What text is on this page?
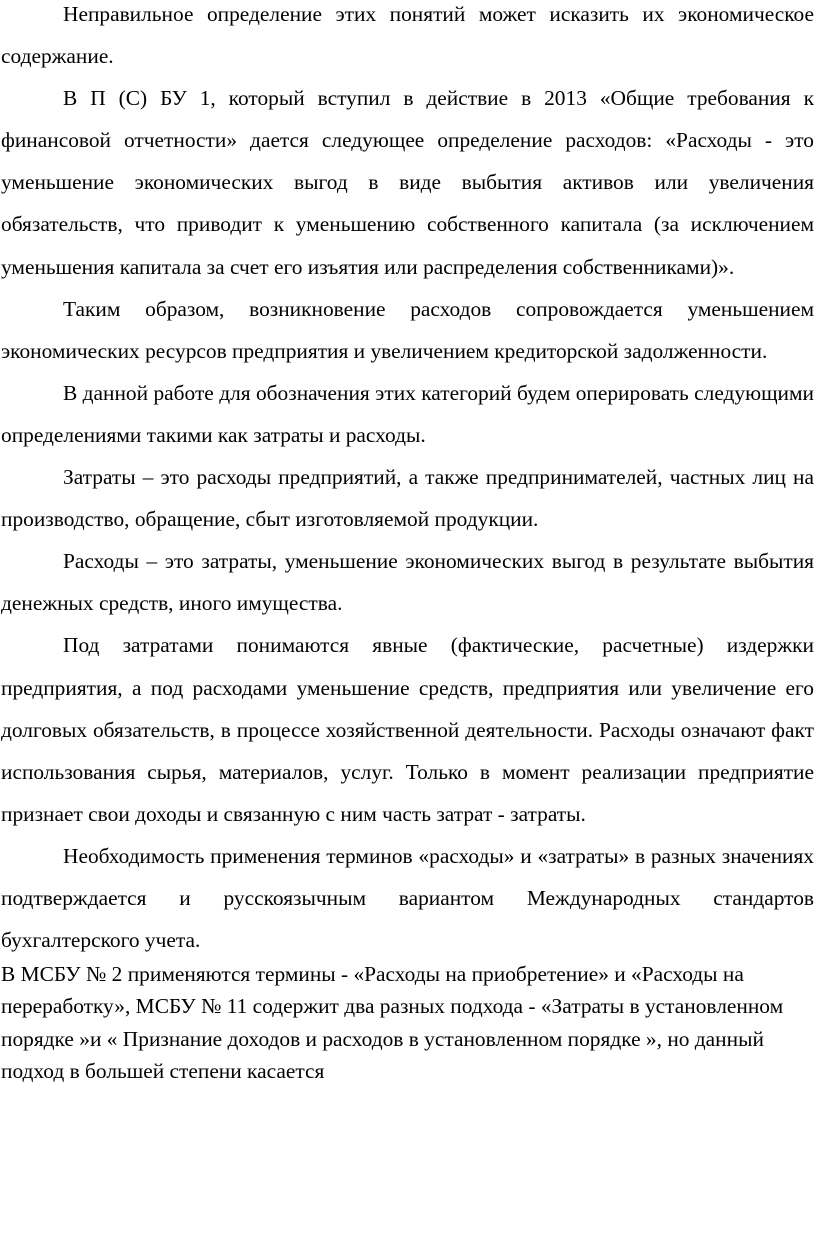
Неправильное определение этих понятий может исказить их экономическое содержание.

В П (С) БУ 1, который вступил в действие в 2013 «Общие требования к финансовой отчетности» дается следующее определение расходов: «Расходы - это уменьшение экономических выгод в виде выбытия активов или увеличения обязательств, что приводит к уменьшению собственного капитала (за исключением уменьшения капитала за счет его изъятия или распределения собственниками)».

Таким образом, возникновение расходов сопровождается уменьшением экономических ресурсов предприятия и увеличением кредиторской задолженности.

В данной работе для обозначения этих категорий будем оперировать следующими определениями такими как затраты и расходы.

Затраты – это расходы предприятий, а также предпринимателей, частных лиц на производство, обращение, сбыт изготовляемой продукции.

Расходы – это затраты, уменьшение экономических выгод в результате выбытия денежных средств, иного имущества.

Под затратами понимаются явные (фактические, расчетные) издержки предприятия, а под расходами уменьшение средств, предприятия или увеличение его долговых обязательств, в процессе хозяйственной деятельности. Расходы означают факт использования сырья, материалов, услуг. Только в момент реализации предприятие признает свои доходы и связанную с ним часть затрат - затраты.

Необходимость применения терминов «расходы» и «затраты» в разных значениях подтверждается и русскоязычным вариантом Международных стандартов бухгалтерского учета.

В МСБУ № 2 применяются термины - «Расходы на приобретение» и «Расходы на переработку», МСБУ № 11 содержит два разных подхода - «Затраты в установленном порядке »и « Признание доходов и расходов в установленном порядке », но данный подход в большей степени касается
